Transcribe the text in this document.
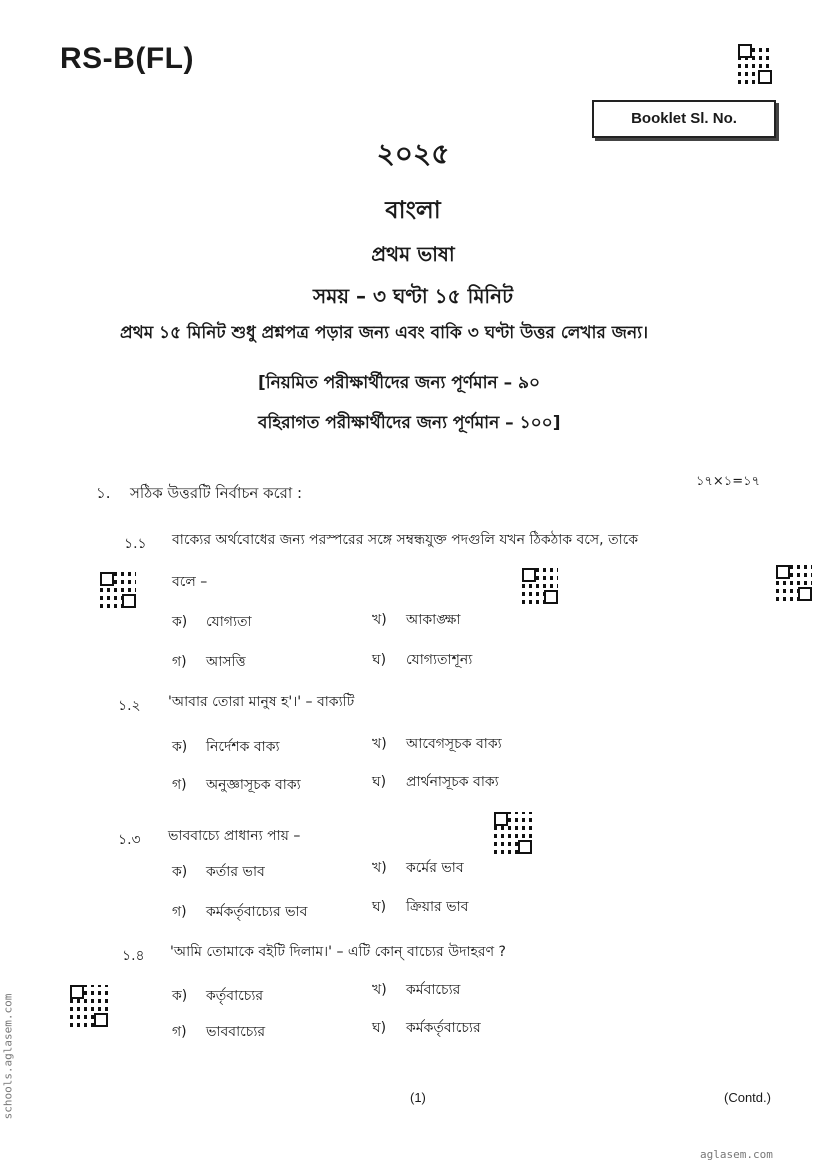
RS-B(FL)
Booklet Sl. No.
২০২৫
বাংলা
প্রথম ভাষা
সময় – ৩ ঘণ্টা ১৫ মিনিট
প্রথম ১৫ মিনিট শুধু প্রশ্নপত্র পড়ার জন্য এবং বাকি ৩ ঘণ্টা উত্তর লেখার জন্য।
[নিয়মিত পরীক্ষার্থীদের জন্য পূর্ণমান – ৯০
বহিরাগত পরীক্ষার্থীদের জন্য পূর্ণমান – ১০০]
১. সঠিক উত্তরটি নির্বাচন করো :
১৭×১=১৭
১.১ বাক্যের অর্থবোধের জন্য পরস্পরের সঙ্গে সম্বন্ধযুক্ত পদগুলি যখন ঠিকঠাক বসে, তাকে
বলে –
ক) যোগ্যতা	খ) আকাঙ্ক্ষা
গ) আসত্তি	ঘ) যোগ্যতাশূন্য
১.২ 'আবার তোরা মানুষ হ'।' – বাক্যটি
ক) নির্দেশক বাক্য	খ) আবেগসূচক বাক্য
গ) অনুজ্ঞাসূচক বাক্য	ঘ) প্রার্থনাসূচক বাক্য
১.৩ ভাববাচ্যে প্রাধান্য পায় –
ক) কর্তার ভাব	খ) কর্মের ভাব
গ) কর্মকর্তৃবাচ্যের ভাব	ঘ) ক্রিয়ার ভাব
১.৪ 'আমি তোমাকে বইটি দিলাম।' – এটি কোন্ বাচ্যের উদাহরণ ?
ক) কর্তৃবাচ্যের	খ) কর্মবাচ্যের
গ) ভাববাচ্যের	ঘ) কর্মকর্তৃবাচ্যের
schools.aglasem.com	(1)	(Contd.)
aglasem.com
